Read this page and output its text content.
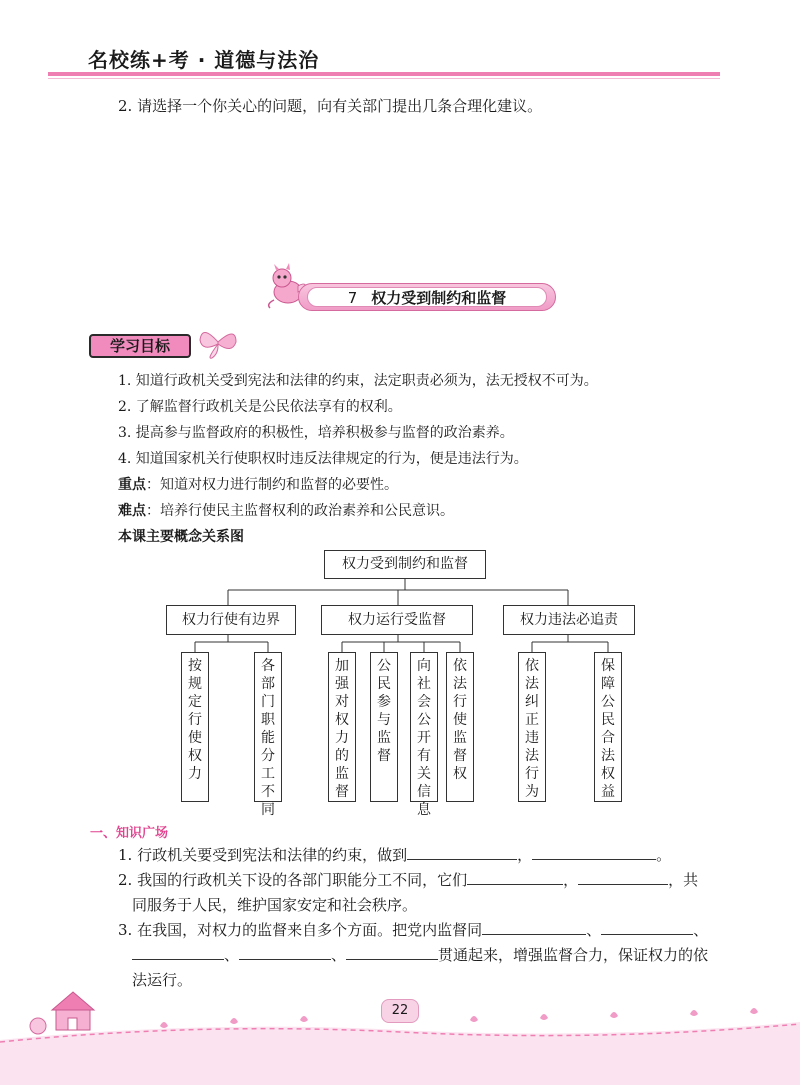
名校练+考 · 道德与法治
2. 请选择一个你关心的问题，向有关部门提出几条合理化建议。
7 权力受到制约和监督
学习目标
1. 知道行政机关受到宪法和法律的约束，法定职责必须为，法无授权不可为。
2. 了解监督行政机关是公民依法享有的权利。
3. 提高参与监督政府的积极性，培养积极参与监督的政治素养。
4. 知道国家机关行使职权时违反法律规定的行为，便是违法行为。
重点：知道对权力进行制约和监督的必要性。
难点：培养行使民主监督权利的政治素养和公民意识。
本课主要概念关系图
权力受到制约和监督
权力行使有边界	权力运行受监督	权力违法必追责
按规定行使权力
各部门职能分工不同
加强对权力的监督
公民参与监督
向社会公开有关信息
依法行使监督权
依法纠正违法行为
保障公民合法权益
一、知识广场
1. 行政机关要受到宪法和法律的约束，做到	，	。
2. 我国的行政机关下设的各部门职能分工不同，它们	，	，共
同服务于人民，维护国家安定和社会秩序。
3. 在我国，对权力的监督来自多个方面。把党内监督同	、	、
、	、	贯通起来，增强监督合力，保证权力的依
法运行。
22
